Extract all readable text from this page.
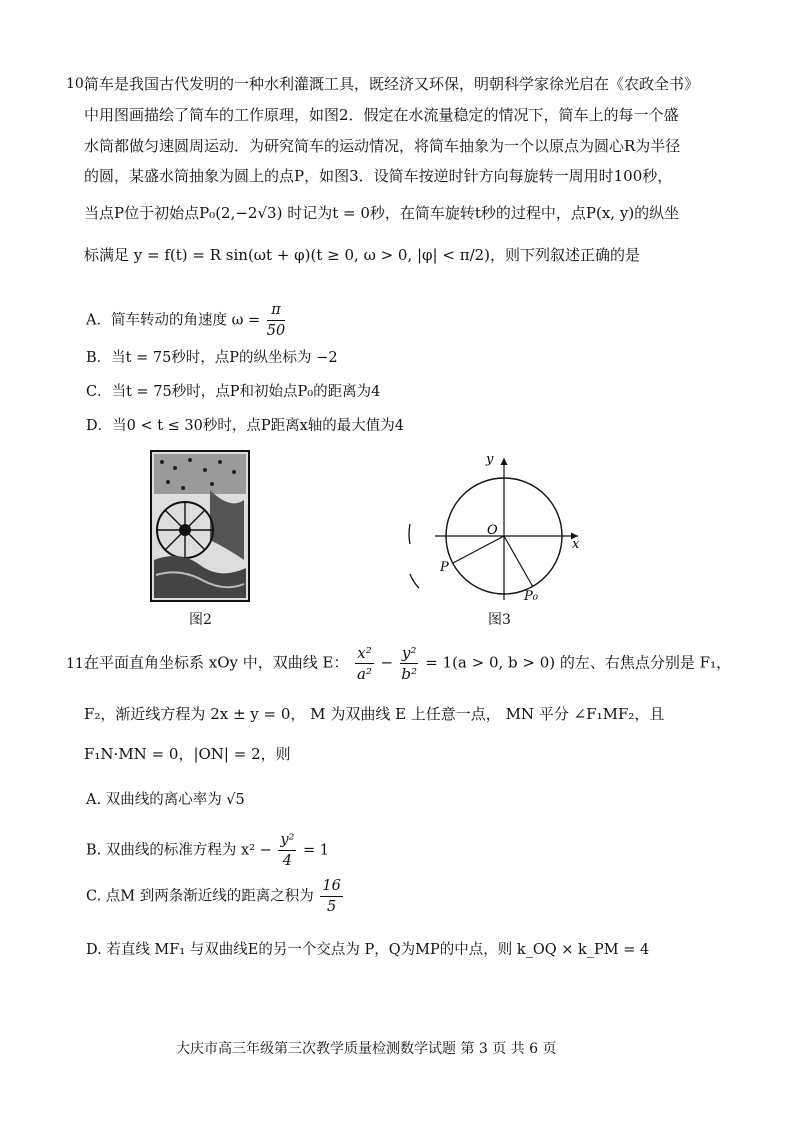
10.
简车是我国古代发明的一种水利灌溉工具，既经济又环保，明朝科学家徐光启在《农政全书》
中用图画描绘了简车的工作原理，如图2．假定在水流量稳定的情况下，简车上的每一个盛
水筒都做匀速圆周运动．为研究简车的运动情况，将简车抽象为一个以原点为圆心R为半径
的圆，某盛水筒抽象为圆上的点P，如图3．设简车按逆时针方向每旋转一周用时100秒，
当点P位于初始点P₀(2,−2√3) 时记为t = 0秒，在简车旋转t秒的过程中，点P(x, y)的纵坐
标满足 y = f(t) = R sin(ωt + φ)(t ≥ 0, ω > 0, |φ| < π/2)，则下列叙述正确的是
A．简车转动的角速度 $\omega = \frac{\pi}{50}$
B．当t = 75秒时，点P的纵坐标为 −2
C．当t = 75秒时，点P和初始点P₀的距离为4
D．当0 < t ≤ 30秒时，点P距离x轴的最大值为4
图2
y
x
O
P
P₀
图3
11.
在平面直角坐标系 xOy 中，双曲线 E： $\frac{\text{x²}}{\text{a²}} - \frac{\text{y²}}{\text{b²}} = 1(a > 0$, b > 0) 的左、右焦点分别是 F₁，
F₂，渐近线方程为 2x ± y = 0， M 为双曲线 E 上任意一点， MN 平分 ∠F₁MF₂，且
F₁N·MN = 0，|ON| = 2，则
A. 双曲线的离心率为 √5
B. 双曲线的标准方程为 $x^2 - \frac{\text{y²}}{4} = 1$
C. 点M 到两条渐近线的距离之积为 $\frac{16}{5}$
D. 若直线 MF₁ 与双曲线E的另一个交点为 P，Q为MP的中点，则 k_OQ × k_PM = 4
大庆市高三年级第三次教学质量检测数学试题 第 3 页 共 6 页
